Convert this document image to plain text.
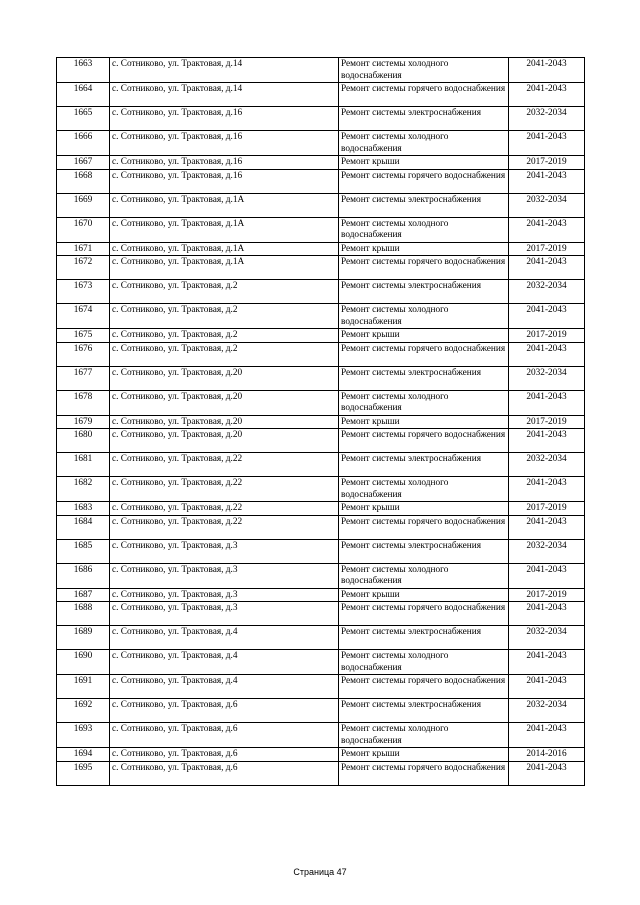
1663	с. Сотниково, ул. Трактовая, д.14	Ремонт системы холодного водоснабжения	2041-2043
1664	с. Сотниково, ул. Трактовая, д.14	Ремонт системы горячего водоснабжения	2041-2043
1665	с. Сотниково, ул. Трактовая, д.16	Ремонт системы электроснабжения	2032-2034
1666	с. Сотниково, ул. Трактовая, д.16	Ремонт системы холодного водоснабжения	2041-2043
1667	с. Сотниково, ул. Трактовая, д.16	Ремонт крыши	2017-2019
1668	с. Сотниково, ул. Трактовая, д.16	Ремонт системы горячего водоснабжения	2041-2043
1669	с. Сотниково, ул. Трактовая, д.1А	Ремонт системы электроснабжения	2032-2034
1670	с. Сотниково, ул. Трактовая, д.1А	Ремонт системы холодного водоснабжения	2041-2043
1671	с. Сотниково, ул. Трактовая, д.1А	Ремонт крыши	2017-2019
1672	с. Сотниково, ул. Трактовая, д.1А	Ремонт системы горячего водоснабжения	2041-2043
1673	с. Сотниково, ул. Трактовая, д.2	Ремонт системы электроснабжения	2032-2034
1674	с. Сотниково, ул. Трактовая, д.2	Ремонт системы холодного водоснабжения	2041-2043
1675	с. Сотниково, ул. Трактовая, д.2	Ремонт крыши	2017-2019
1676	с. Сотниково, ул. Трактовая, д.2	Ремонт системы горячего водоснабжения	2041-2043
1677	с. Сотниково, ул. Трактовая, д.20	Ремонт системы электроснабжения	2032-2034
1678	с. Сотниково, ул. Трактовая, д.20	Ремонт системы холодного водоснабжения	2041-2043
1679	с. Сотниково, ул. Трактовая, д.20	Ремонт крыши	2017-2019
1680	с. Сотниково, ул. Трактовая, д.20	Ремонт системы горячего водоснабжения	2041-2043
1681	с. Сотниково, ул. Трактовая, д.22	Ремонт системы электроснабжения	2032-2034
1682	с. Сотниково, ул. Трактовая, д.22	Ремонт системы холодного водоснабжения	2041-2043
1683	с. Сотниково, ул. Трактовая, д.22	Ремонт крыши	2017-2019
1684	с. Сотниково, ул. Трактовая, д.22	Ремонт системы горячего водоснабжения	2041-2043
1685	с. Сотниково, ул. Трактовая, д.3	Ремонт системы электроснабжения	2032-2034
1686	с. Сотниково, ул. Трактовая, д.3	Ремонт системы холодного водоснабжения	2041-2043
1687	с. Сотниково, ул. Трактовая, д.3	Ремонт крыши	2017-2019
1688	с. Сотниково, ул. Трактовая, д.3	Ремонт системы горячего водоснабжения	2041-2043
1689	с. Сотниково, ул. Трактовая, д.4	Ремонт системы электроснабжения	2032-2034
1690	с. Сотниково, ул. Трактовая, д.4	Ремонт системы холодного водоснабжения	2041-2043
1691	с. Сотниково, ул. Трактовая, д.4	Ремонт системы горячего водоснабжения	2041-2043
1692	с. Сотниково, ул. Трактовая, д.6	Ремонт системы электроснабжения	2032-2034
1693	с. Сотниково, ул. Трактовая, д.6	Ремонт системы холодного водоснабжения	2041-2043
1694	с. Сотниково, ул. Трактовая, д.6	Ремонт крыши	2014-2016
1695	с. Сотниково, ул. Трактовая, д.6	Ремонт системы горячего водоснабжения	2041-2043
Страница 47
